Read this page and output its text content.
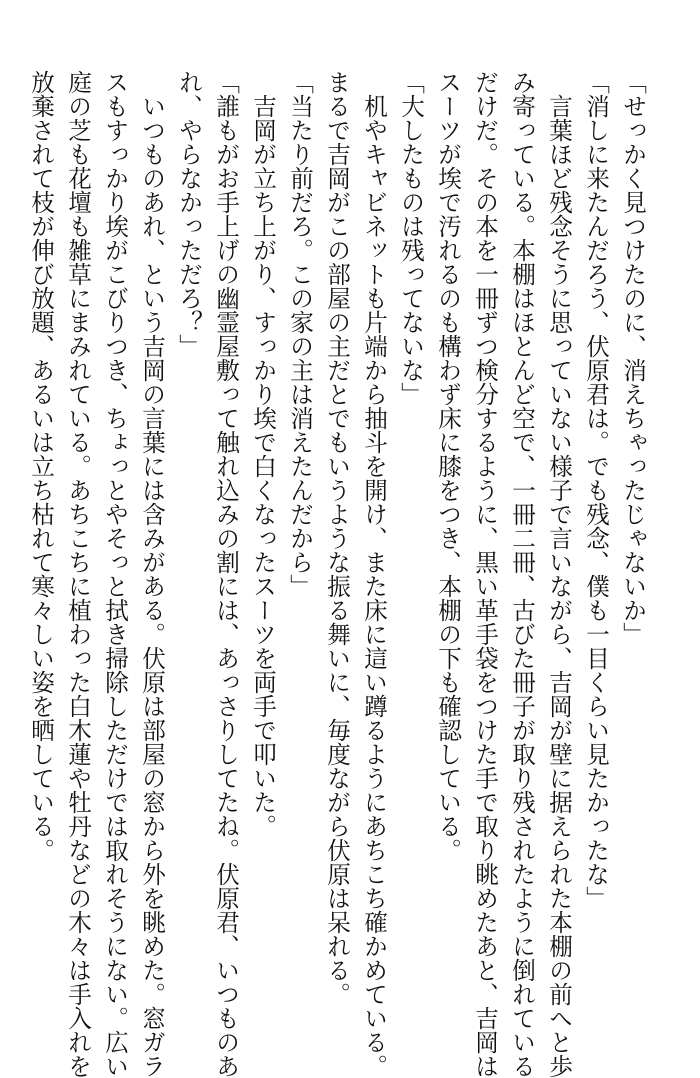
「せっかく見つけたのに、消えちゃったじゃないか」
「消しに来たんだろう、伏原君は。でも残念、僕も一目くらい見たかったな」
　言葉ほど残念そうに思っていない様子で言いながら、吉岡が壁に据えられた本棚の前へと歩
み寄っている。本棚はほとんど空で、一冊二冊、古びた冊子が取り残されたように倒れている
だけだ。その本を一冊ずつ検分するように、黒い革手袋をつけた手で取り眺めたあと、吉岡は
スーツが埃で汚れるのも構わず床に膝をつき、本棚の下も確認している。
「大したものは残ってないな」
　机やキャビネットも片端から抽斗を開け、また床に這い蹲るようにあちこち確かめている。
まるで吉岡がこの部屋の主だとでもいうような振る舞いに、毎度ながら伏原は呆れる。
「当たり前だろ。この家の主は消えたんだから」
　吉岡が立ち上がり、すっかり埃で白くなったスーツを両手で叩いた。
「誰もがお手上げの幽霊屋敷って触れ込みの割には、あっさりしてたね。伏原君、いつものあ
れ、やらなかっただろ？」
　いつものあれ、という吉岡の言葉には含みがある。伏原は部屋の窓から外を眺めた。窓ガラ
スもすっかり埃がこびりつき、ちょっとやそっと拭き掃除しただけでは取れそうにない。広い
庭の芝も花壇も雑草にまみれている。あちこちに植わった白木蓮や牡丹などの木々は手入れを
放棄されて枝が伸び放題、あるいは立ち枯れて寒々しい姿を晒している。
